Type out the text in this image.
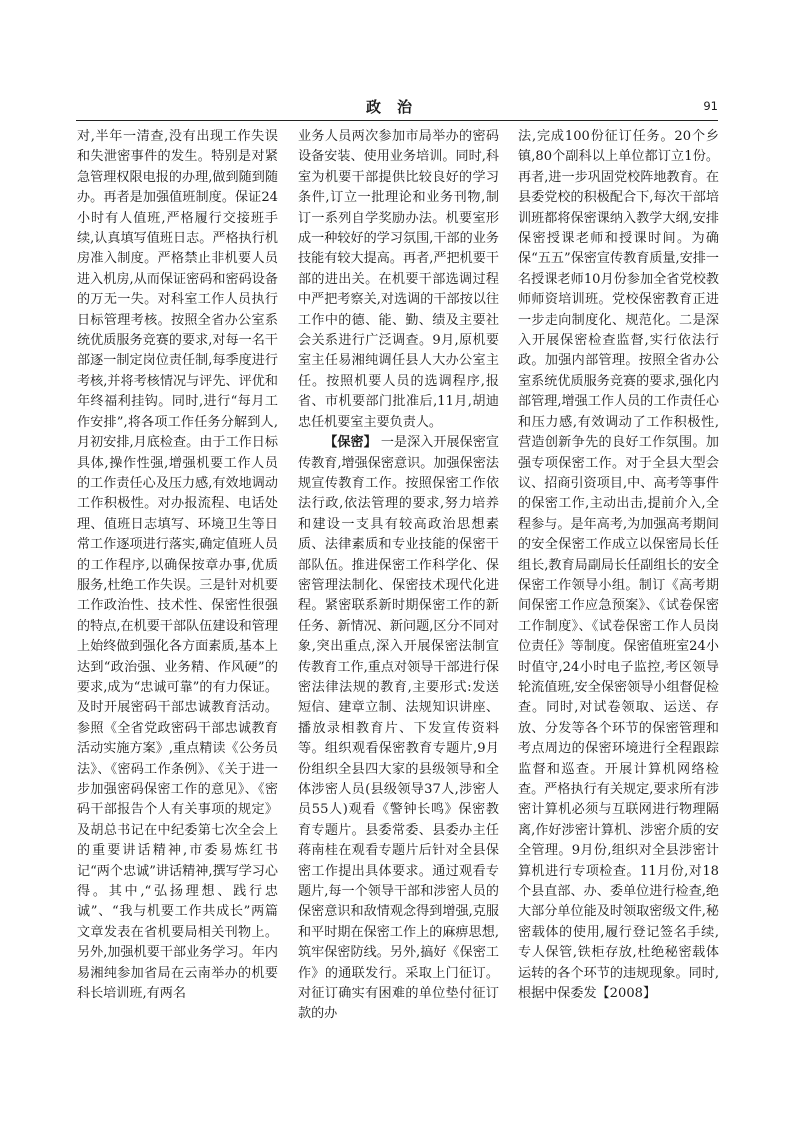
政治	91

对,半年一清查,没有出现工作失误和失泄密事件的发生。特别是对紧急管理权限电报的办理,做到随到随办。再者是加强值班制度。保证24小时有人值班,严格履行交接班手续,认真填写值班日志。严格执行机房准入制度。严格禁止非机要人员进入机房,从而保证密码和密码设备的万无一失。对科室工作人员执行日标管理考核。按照全省办公室系统优质服务竞赛的要求,对每一名干部逐一制定岗位责任制,每季度进行考核,并将考核情况与评先、评优和年终福利挂钩。同时,进行“每月工作安排”,将各项工作任务分解到人,月初安排,月底检查。由于工作日标具体,操作性强,增强机要工作人员的工作责任心及压力感,有效地调动工作积极性。对办报流程、电话处理、值班日志填写、环境卫生等日常工作逐项进行落实,确定值班人员的工作程序,以确保按章办事,优质服务,杜绝工作失误。三是针对机要工作政治性、技术性、保密性很强的特点,在机要干部队伍建设和管理上始终做到强化各方面素质,基本上达到“政治强、业务精、作风硬”的要求,成为“忠诚可靠”的有力保证。及时开展密码干部忠诚教育活动。参照《全省党政密码干部忠诚教育活动实施方案》,重点精读《公务员法》、《密码工作条例》、《关于进一步加强密码保密工作的意见》、《密码干部报告个人有关事项的规定》及胡总书记在中纪委第七次全会上的重要讲话精神,市委易炼红书记“两个忠诚”讲话精神,撰写学习心得。其中,“弘扬理想、践行忠诚”、“我与机要工作共成长”两篇文章发表在省机要局相关刊物上。另外,加强机要干部业务学习。年内易湘纯参加省局在云南举办的机要科长培训班,有两名

业务人员两次参加市局举办的密码设备安装、使用业务培训。同时,科室为机要干部提供比较良好的学习条件,订立一批理论和业务刊物,制订一系列自学奖励办法。机要室形成一种较好的学习氛围,干部的业务技能有较大提高。再者,严把机要干部的进出关。在机要干部选调过程中严把考察关,对选调的干部按以往工作中的德、能、勤、绩及主要社会关系进行广泛调查。9月,原机要室主任易湘纯调任县人大办公室主任。按照机要人员的选调程序,报省、市机要部门批准后,11月,胡迪忠任机要室主要负责人。

【保密】 一是深入开展保密宣传教育,增强保密意识。加强保密法规宣传教育工作。按照保密工作依法行政,依法管理的要求,努力培养和建设一支具有较高政治思想素质、法律素质和专业技能的保密干部队伍。推进保密工作科学化、保密管理法制化、保密技术现代化进程。紧密联系新时期保密工作的新任务、新情况、新问题,区分不同对象,突出重点,深入开展保密法制宣传教育工作,重点对领导干部进行保密法律法规的教育,主要形式:发送短信、建章立制、法规知识讲座、播放录相教育片、下发宣传资料等。组织观看保密教育专题片,9月份组织全县四大家的县级领导和全体涉密人员(县级领导37人,涉密人员55人)观看《警钟长鸣》保密教育专题片。县委常委、县委办主任蒋南桂在观看专题片后针对全县保密工作提出具体要求。通过观看专题片,每一个领导干部和涉密人员的保密意识和敌情观念得到增强,克服和平时期在保密工作上的麻痹思想,筑牢保密防线。另外,搞好《保密工作》的通联发行。采取上门征订。对征订确实有困难的单位垫付征订款的办

法,完成100份征订任务。20个乡镇,80个副科以上单位都订立1份。再者,进一步巩固党校阵地教育。在县委党校的积极配合下,每次干部培训班都将保密课纳入教学大纲,安排保密授课老师和授课时间。为确保“五五”保密宣传教育质量,安排一名授课老师10月份参加全省党校教师师资培训班。党校保密教育正进一步走向制度化、规范化。二是深入开展保密检查监督,实行依法行政。加强内部管理。按照全省办公室系统优质服务竞赛的要求,强化内部管理,增强工作人员的工作责任心和压力感,有效调动了工作积极性,营造创新争先的良好工作氛围。加强专项保密工作。对于全县大型会议、招商引资项目,中、高考等事件的保密工作,主动出击,提前介入,全程参与。是年高考,为加强高考期间的安全保密工作成立以保密局长任组长,教育局副局长任副组长的安全保密工作领导小组。制订《高考期间保密工作应急预案》、《试卷保密工作制度》、《试卷保密工作人员岗位责任》等制度。保密值班室24小时值守,24小时电子监控,考区领导轮流值班,安全保密领导小组督促检查。同时,对试卷领取、运送、存放、分发等各个环节的保密管理和考点周边的保密环境进行全程跟踪监督和巡查。开展计算机网络检查。严格执行有关规定,要求所有涉密计算机必须与互联网进行物理隔离,作好涉密计算机、涉密介质的安全管理。9月份,组织对全县涉密计算机进行专项检查。11月份,对18个县直部、办、委单位进行检查,绝大部分单位能及时领取密级文件,秘密载体的使用,履行登记签名手续,专人保管,铁柜存放,杜绝秘密载体运转的各个环节的违规现象。同时,根据中保委发【2008】
